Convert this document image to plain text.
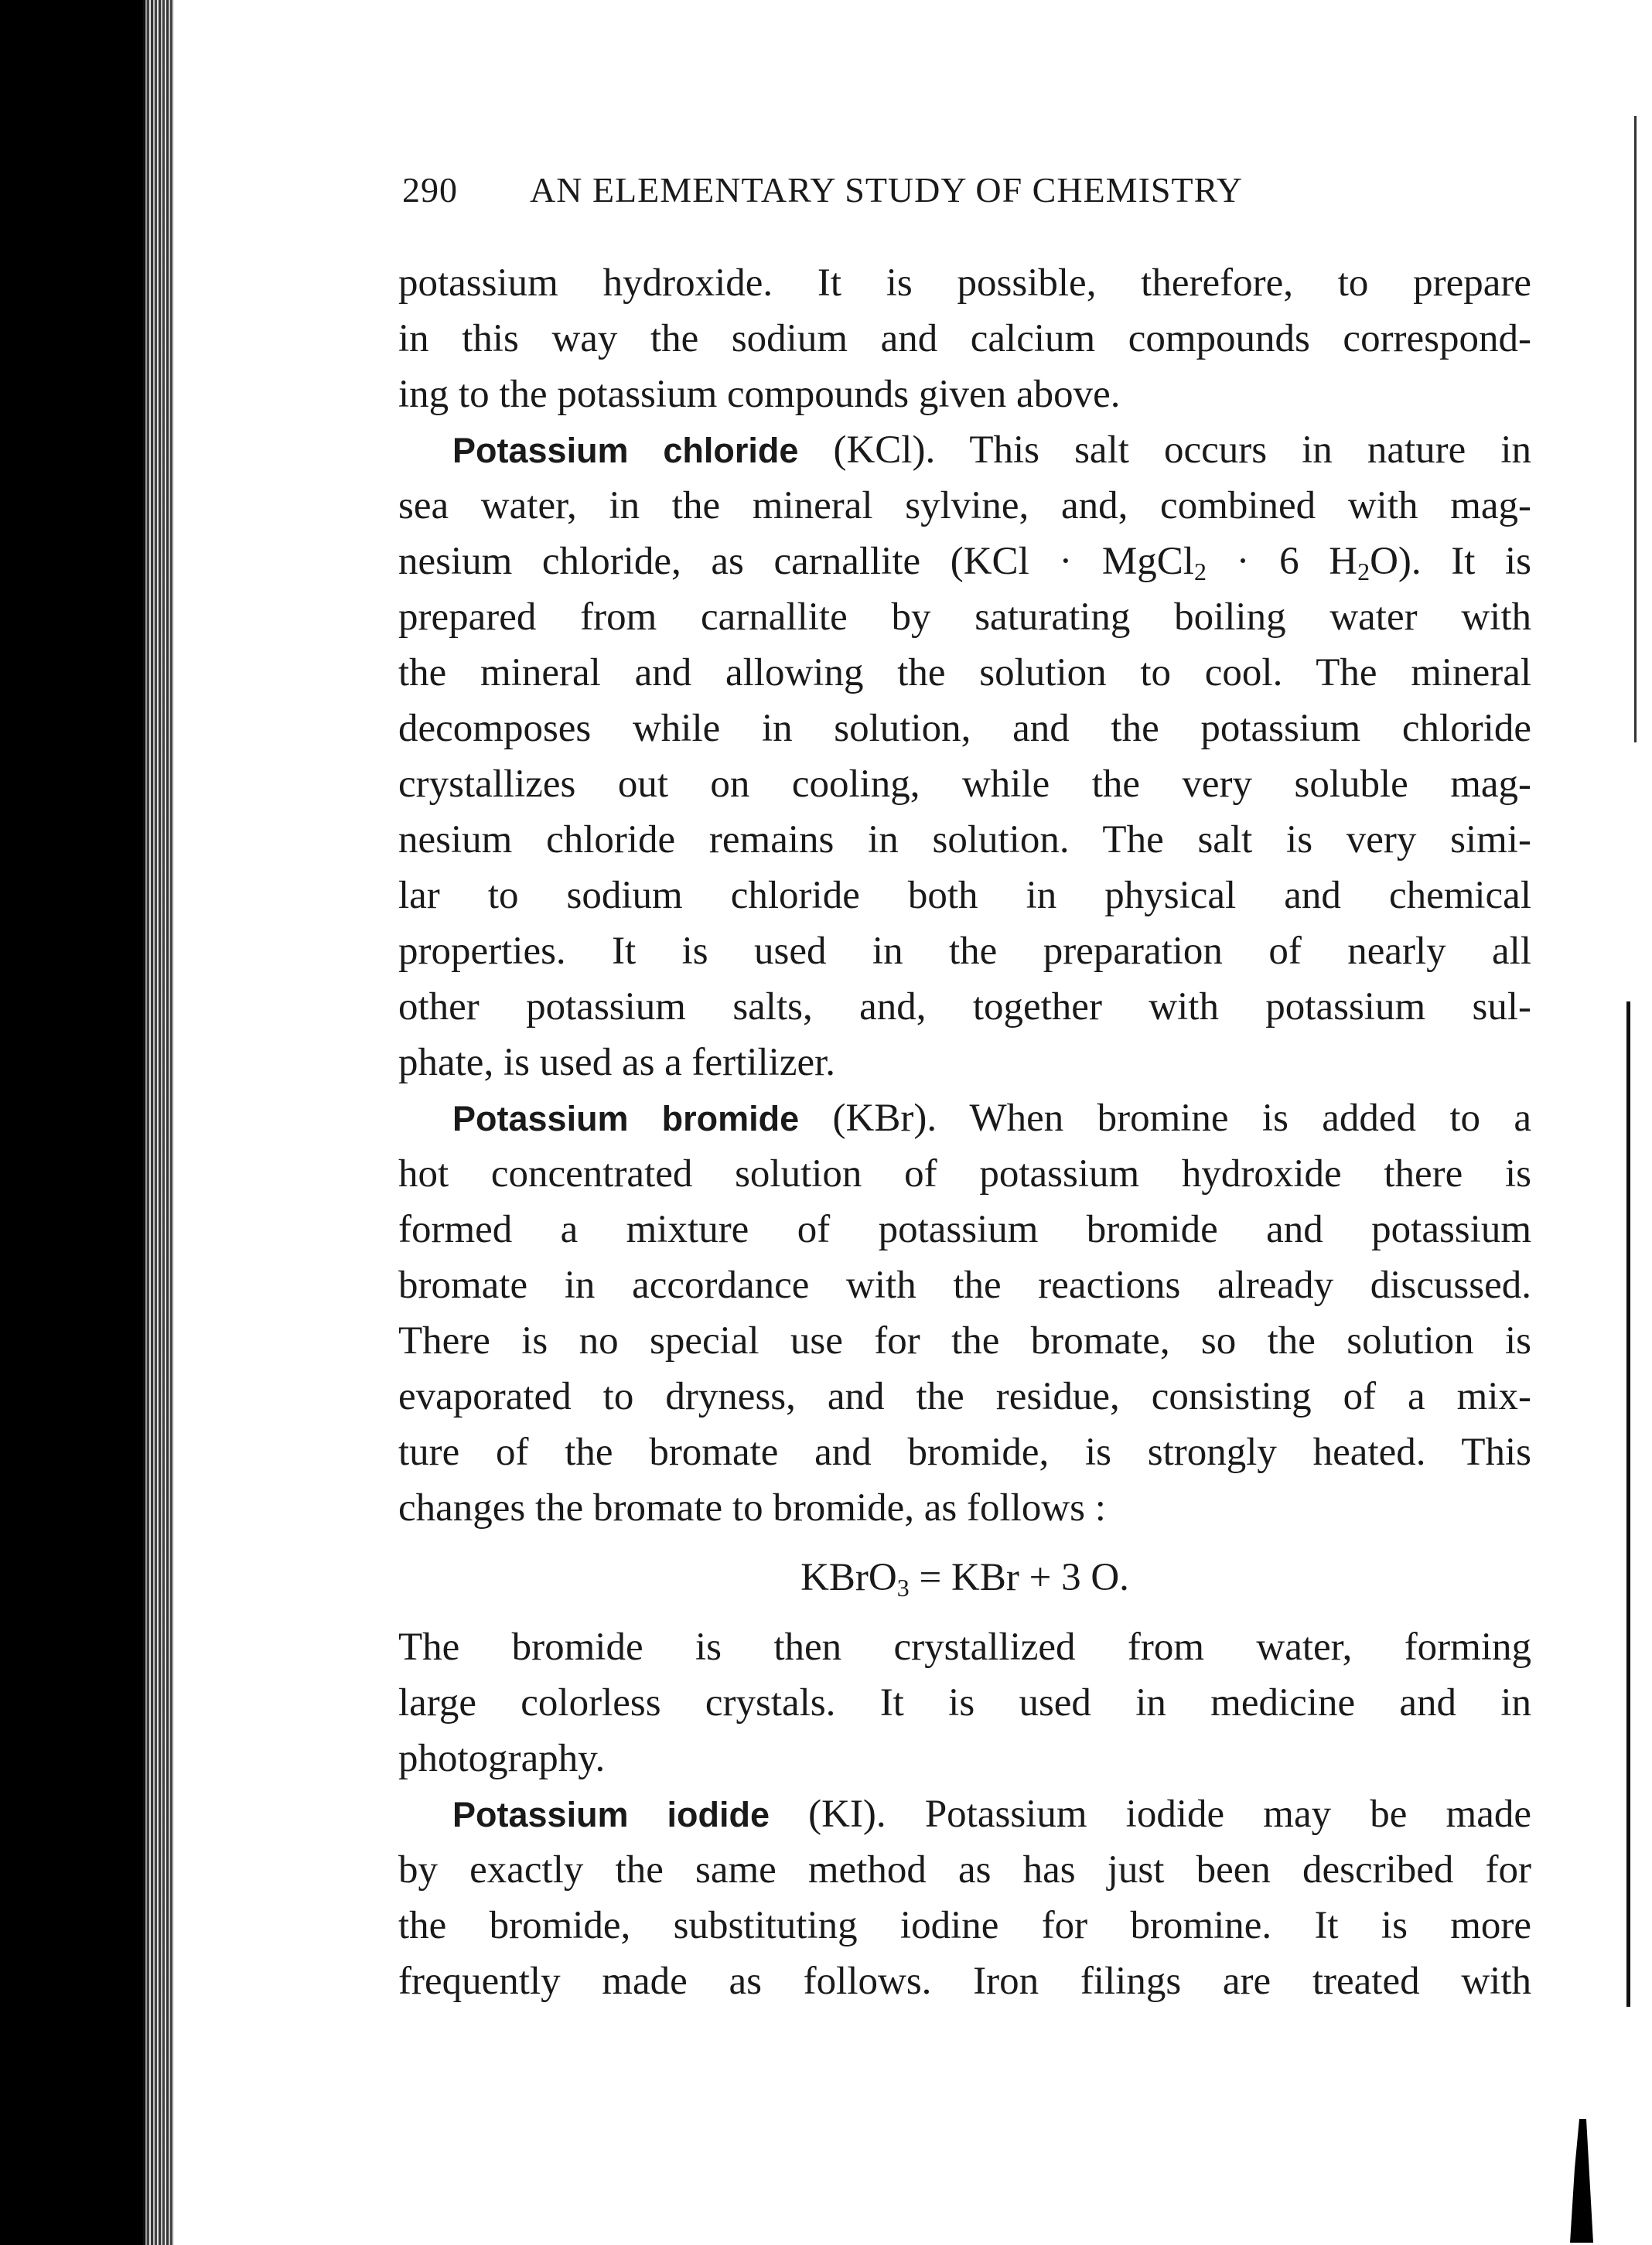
290 AN ELEMENTARY STUDY OF CHEMISTRY
potassium hydroxide. It is possible, therefore, to prepare
in this way the sodium and calcium compounds correspond-
ing to the potassium compounds given above.
Potassium chloride (KCl). This salt occurs in nature in
sea water, in the mineral sylvine, and, combined with mag-
nesium chloride, as carnallite (KCl · MgCl$_2$ · 6 $H_2O$). It is
prepared from carnallite by saturating boiling water with
the mineral and allowing the solution to cool. The mineral
decomposes while in solution, and the potassium chloride
crystallizes out on cooling, while the very soluble mag-
nesium chloride remains in solution. The salt is very simi-
lar to sodium chloride both in physical and chemical
properties. It is used in the preparation of nearly all
other potassium salts, and, together with potassium sul-
phate, is used as a fertilizer.
Potassium bromide (KBr). When bromine is added to a
hot concentrated solution of potassium hydroxide there is
formed a mixture of potassium bromide and potassium
bromate in accordance with the reactions already discussed.
There is no special use for the bromate, so the solution is
evaporated to dryness, and the residue, consisting of a mix-
ture of the bromate and bromide, is strongly heated. This
changes the bromate to bromide, as follows :
KBrO$_3$ = KBr + 3 O.
The bromide is then crystallized from water, forming
large colorless crystals. It is used in medicine and in
photography.
Potassium iodide (KI). Potassium iodide may be made
by exactly the same method as has just been described for
the bromide, substituting iodine for bromine. It is more
frequently made as follows. Iron filings are treated with
